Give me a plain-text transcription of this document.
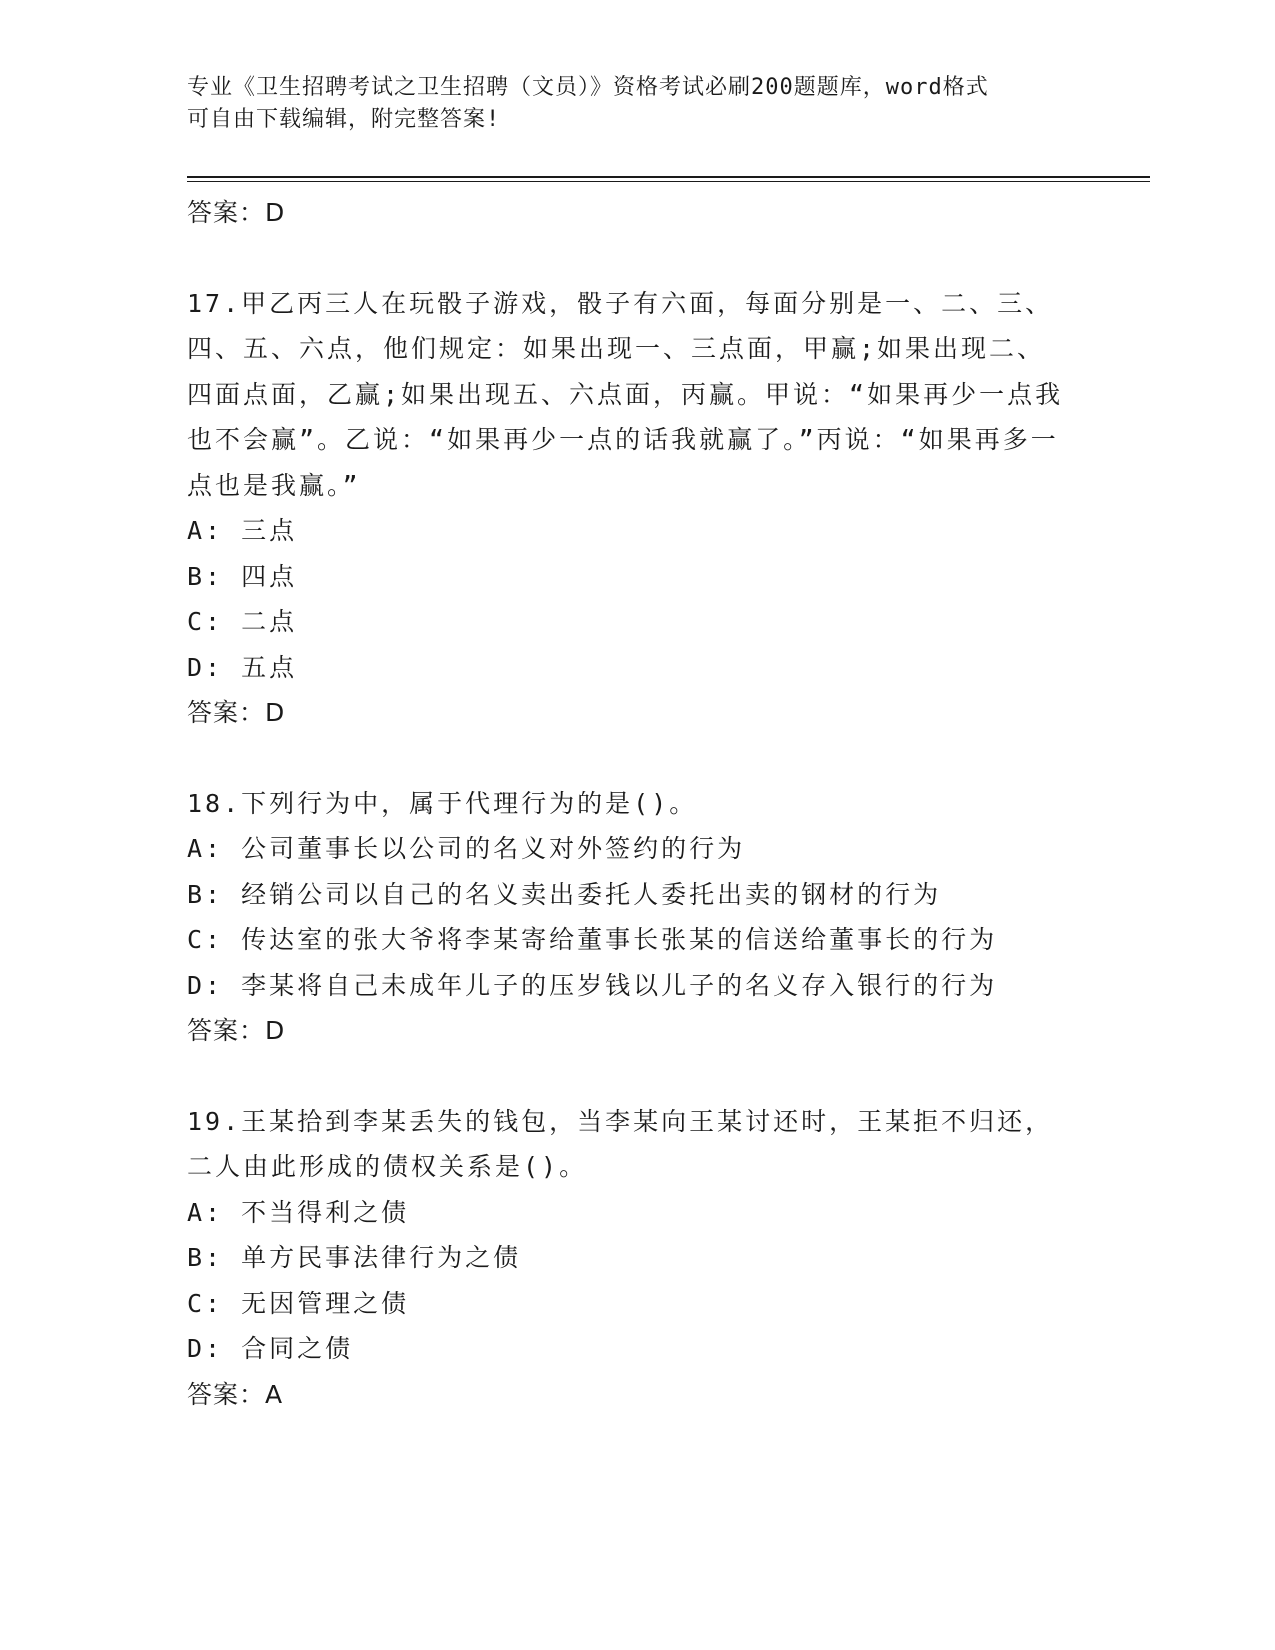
专业《卫生招聘考试之卫生招聘（文员）》资格考试必刷200题题库，word格式
可自由下载编辑，附完整答案!
答案：D

17.甲乙丙三人在玩骰子游戏，骰子有六面，每面分别是一、二、三、四、五、六点，他们规定：如果出现一、三点面，甲赢;如果出现二、四面点面，乙赢;如果出现五、六点面，丙赢。甲说：“如果再少一点我也不会赢”。乙说：“如果再少一点的话我就赢了。”丙说：“如果再多一点也是我赢。”

A: 三点
B: 四点
C: 二点
D: 五点
答案：D

18.下列行为中，属于代理行为的是()。

A: 公司董事长以公司的名义对外签约的行为
B: 经销公司以自己的名义卖出委托人委托出卖的钢材的行为
C: 传达室的张大爷将李某寄给董事长张某的信送给董事长的行为
D: 李某将自己未成年儿子的压岁钱以儿子的名义存入银行的行为
答案：D

19.王某拾到李某丢失的钱包，当李某向王某讨还时，王某拒不归还，二人由此形成的债权关系是()。

A: 不当得利之债
B: 单方民事法律行为之债
C: 无因管理之债
D: 合同之债
答案：A
